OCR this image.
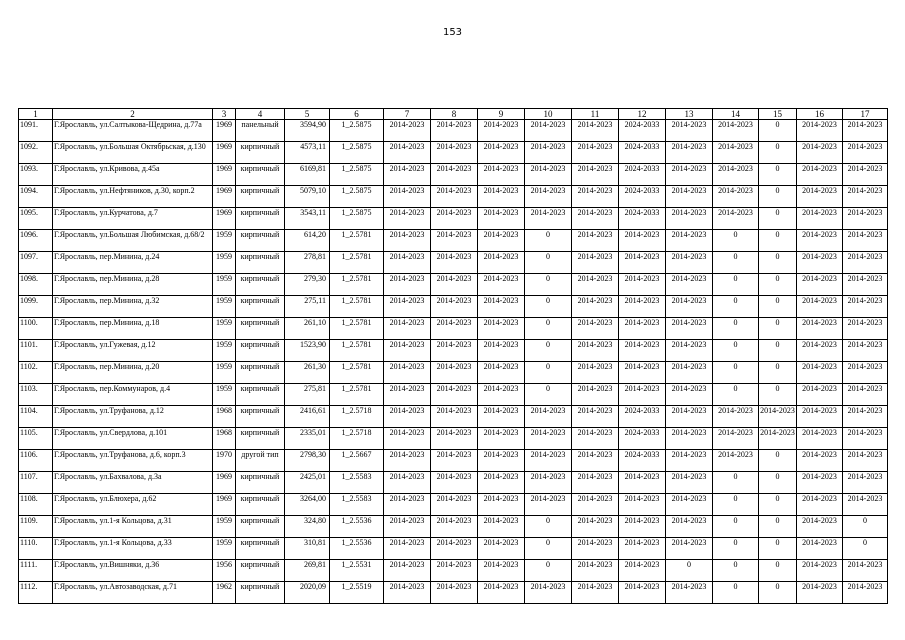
153
1	2	3	4	5	6	7	8	9	10	11	12	13	14	15	16	17
1091.	Г.Ярославль, ул.Салтыкова-Щедрина, д.77а	1969	панельный	3594,90	1_2.5875	2014-2023	2014-2023	2014-2023	2014-2023	2014-2023	2024-2033	2014-2023	2014-2023	0	2014-2023	2014-2023
1092.	Г.Ярославль, ул.Большая Октябрьская, д.130	1969	кирпичный	4573,11	1_2.5875	2014-2023	2014-2023	2014-2023	2014-2023	2014-2023	2024-2033	2014-2023	2014-2023	0	2014-2023	2014-2023
1093.	Г.Ярославль, ул.Кривова, д.45а	1969	кирпичный	6169,81	1_2.5875	2014-2023	2014-2023	2014-2023	2014-2023	2014-2023	2024-2033	2014-2023	2014-2023	0	2014-2023	2014-2023
1094.	Г.Ярославль, ул.Нефтяников, д.30, корп.2	1969	кирпичный	5079,10	1_2.5875	2014-2023	2014-2023	2014-2023	2014-2023	2014-2023	2024-2033	2014-2023	2014-2023	0	2014-2023	2014-2023
1095.	Г.Ярославль, ул.Курчатова, д.7	1969	кирпичный	3543,11	1_2.5875	2014-2023	2014-2023	2014-2023	2014-2023	2014-2023	2024-2033	2014-2023	2014-2023	0	2014-2023	2014-2023
1096.	Г.Ярославль, ул.Большая Любимская, д.68/2	1959	кирпичный	614,20	1_2.5781	2014-2023	2014-2023	2014-2023	0	2014-2023	2014-2023	2014-2023	0	0	2014-2023	2014-2023
1097.	Г.Ярославль, пер.Минина, д.24	1959	кирпичный	278,81	1_2.5781	2014-2023	2014-2023	2014-2023	0	2014-2023	2014-2023	2014-2023	0	0	2014-2023	2014-2023
1098.	Г.Ярославль, пер.Минина, д.28	1959	кирпичный	279,30	1_2.5781	2014-2023	2014-2023	2014-2023	0	2014-2023	2014-2023	2014-2023	0	0	2014-2023	2014-2023
1099.	Г.Ярославль, пер.Минина, д.32	1959	кирпичный	275,11	1_2.5781	2014-2023	2014-2023	2014-2023	0	2014-2023	2014-2023	2014-2023	0	0	2014-2023	2014-2023
1100.	Г.Ярославль, пер.Минина, д.18	1959	кирпичный	261,10	1_2.5781	2014-2023	2014-2023	2014-2023	0	2014-2023	2014-2023	2014-2023	0	0	2014-2023	2014-2023
1101.	Г.Ярославль, ул.Гужевая, д.12	1959	кирпичный	1523,90	1_2.5781	2014-2023	2014-2023	2014-2023	0	2014-2023	2014-2023	2014-2023	0	0	2014-2023	2014-2023
1102.	Г.Ярославль, пер.Минина, д.20	1959	кирпичный	261,30	1_2.5781	2014-2023	2014-2023	2014-2023	0	2014-2023	2014-2023	2014-2023	0	0	2014-2023	2014-2023
1103.	Г.Ярославль, пер.Коммунаров, д.4	1959	кирпичный	275,81	1_2.5781	2014-2023	2014-2023	2014-2023	0	2014-2023	2014-2023	2014-2023	0	0	2014-2023	2014-2023
1104.	Г.Ярославль, ул.Труфанова, д.12	1968	кирпичный	2416,61	1_2.5718	2014-2023	2014-2023	2014-2023	2014-2023	2014-2023	2024-2033	2014-2023	2014-2023	2014-2023	2014-2023	2014-2023
1105.	Г.Ярославль, ул.Свердлова, д.101	1968	кирпичный	2335,01	1_2.5718	2014-2023	2014-2023	2014-2023	2014-2023	2014-2023	2024-2033	2014-2023	2014-2023	2014-2023	2014-2023	2014-2023
1106.	Г.Ярославль, ул.Труфанова, д.6, корп.3	1970	другой тип	2798,30	1_2.5667	2014-2023	2014-2023	2014-2023	2014-2023	2014-2023	2024-2033	2014-2023	2014-2023	0	2014-2023	2014-2023
1107.	Г.Ярославль, ул.Бахвалова, д.3а	1969	кирпичный	2425,01	1_2.5583	2014-2023	2014-2023	2014-2023	2014-2023	2014-2023	2014-2023	2014-2023	0	0	2014-2023	2014-2023
1108.	Г.Ярославль, ул.Блюхера, д.62	1969	кирпичный	3264,00	1_2.5583	2014-2023	2014-2023	2014-2023	2014-2023	2014-2023	2014-2023	2014-2023	0	0	2014-2023	2014-2023
1109.	Г.Ярославль, ул.1-я Кольцова, д.31	1959	кирпичный	324,80	1_2.5536	2014-2023	2014-2023	2014-2023	0	2014-2023	2014-2023	2014-2023	0	0	2014-2023	0
1110.	Г.Ярославль, ул.1-я Кольцова, д.33	1959	кирпичный	310,81	1_2.5536	2014-2023	2014-2023	2014-2023	0	2014-2023	2014-2023	2014-2023	0	0	2014-2023	0
1111.	Г.Ярославль, ул.Вишняки, д.36	1956	кирпичный	269,81	1_2.5531	2014-2023	2014-2023	2014-2023	0	2014-2023	2014-2023	0	0	0	2014-2023	2014-2023
1112.	Г.Ярославль, ул.Автозаводская, д.71	1962	кирпичный	2020,09	1_2.5519	2014-2023	2014-2023	2014-2023	2014-2023	2014-2023	2014-2023	2014-2023	0	0	2014-2023	2014-2023
